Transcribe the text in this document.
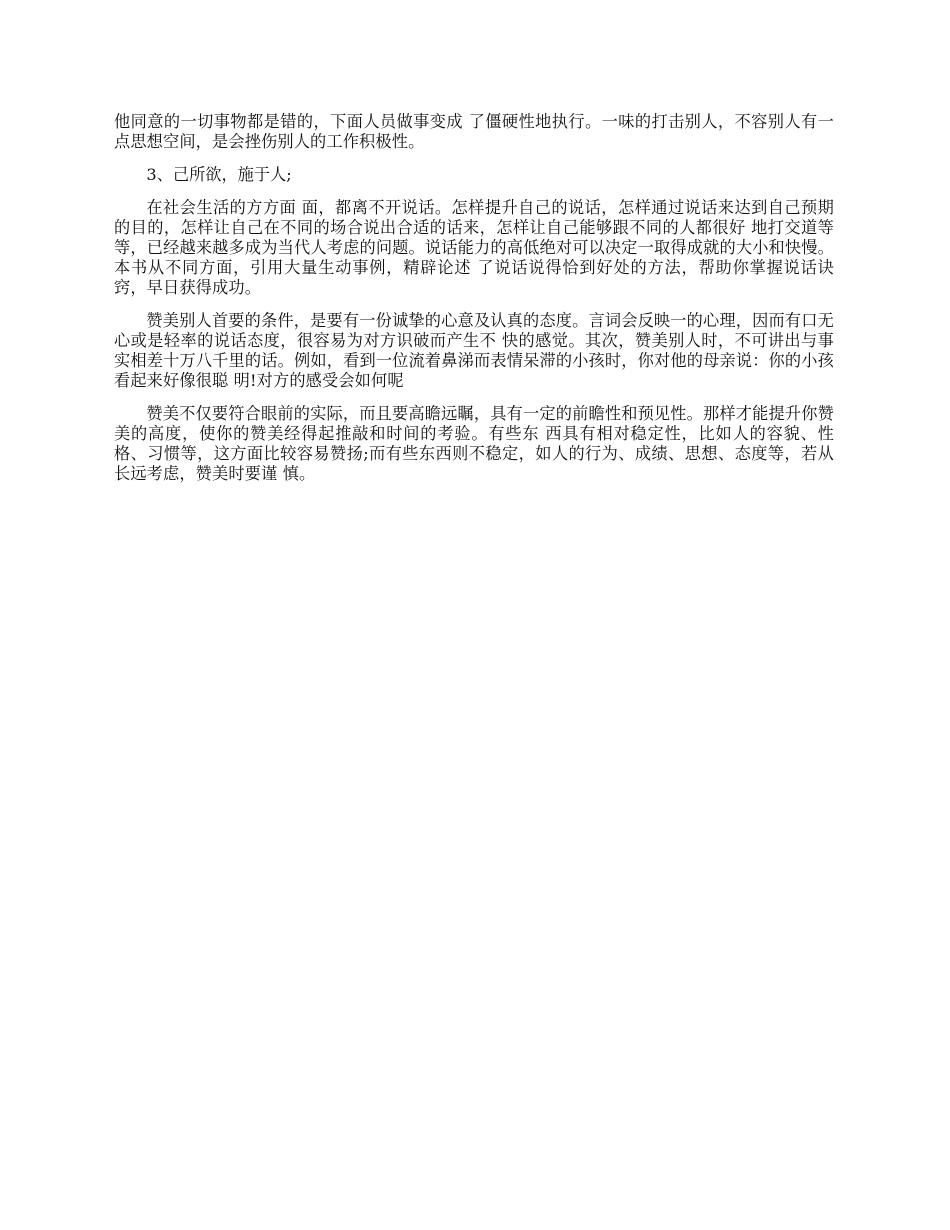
他同意的一切事物都是错的，下面人员做事变成 了僵硬性地执行。一味的打击别人，不容别人有一点思想空间，是会挫伤别人的工作积极性。

3、己所欲，施于人;

在社会生活的方方面 面，都离不开说话。怎样提升自己的说话，怎样通过说话来达到自己预期的目的，怎样让自己在不同的场合说出合适的话来，怎样让自己能够跟不同的人都很好 地打交道等等，已经越来越多成为当代人考虑的问题。说话能力的高低绝对可以决定一取得成就的大小和快慢。本书从不同方面，引用大量生动事例，精辟论述 了说话说得恰到好处的方法，帮助你掌握说话诀窍，早日获得成功。

赞美别人首要的条件，是要有一份诚挚的心意及认真的态度。言词会反映一的心理，因而有口无心或是轻率的说话态度，很容易为对方识破而产生不 快的感觉。其次，赞美别人时，不可讲出与事实相差十万八千里的话。例如，看到一位流着鼻涕而表情呆滞的小孩时，你对他的母亲说：你的小孩看起来好像很聪 明!对方的感受会如何呢

赞美不仅要符合眼前的实际，而且要高瞻远瞩，具有一定的前瞻性和预见性。那样才能提升你赞美的高度，使你的赞美经得起推敲和时间的考验。有些东 西具有相对稳定性，比如人的容貌、性格、习惯等，这方面比较容易赞扬;而有些东西则不稳定，如人的行为、成绩、思想、态度等，若从长远考虑，赞美时要谨 慎。
